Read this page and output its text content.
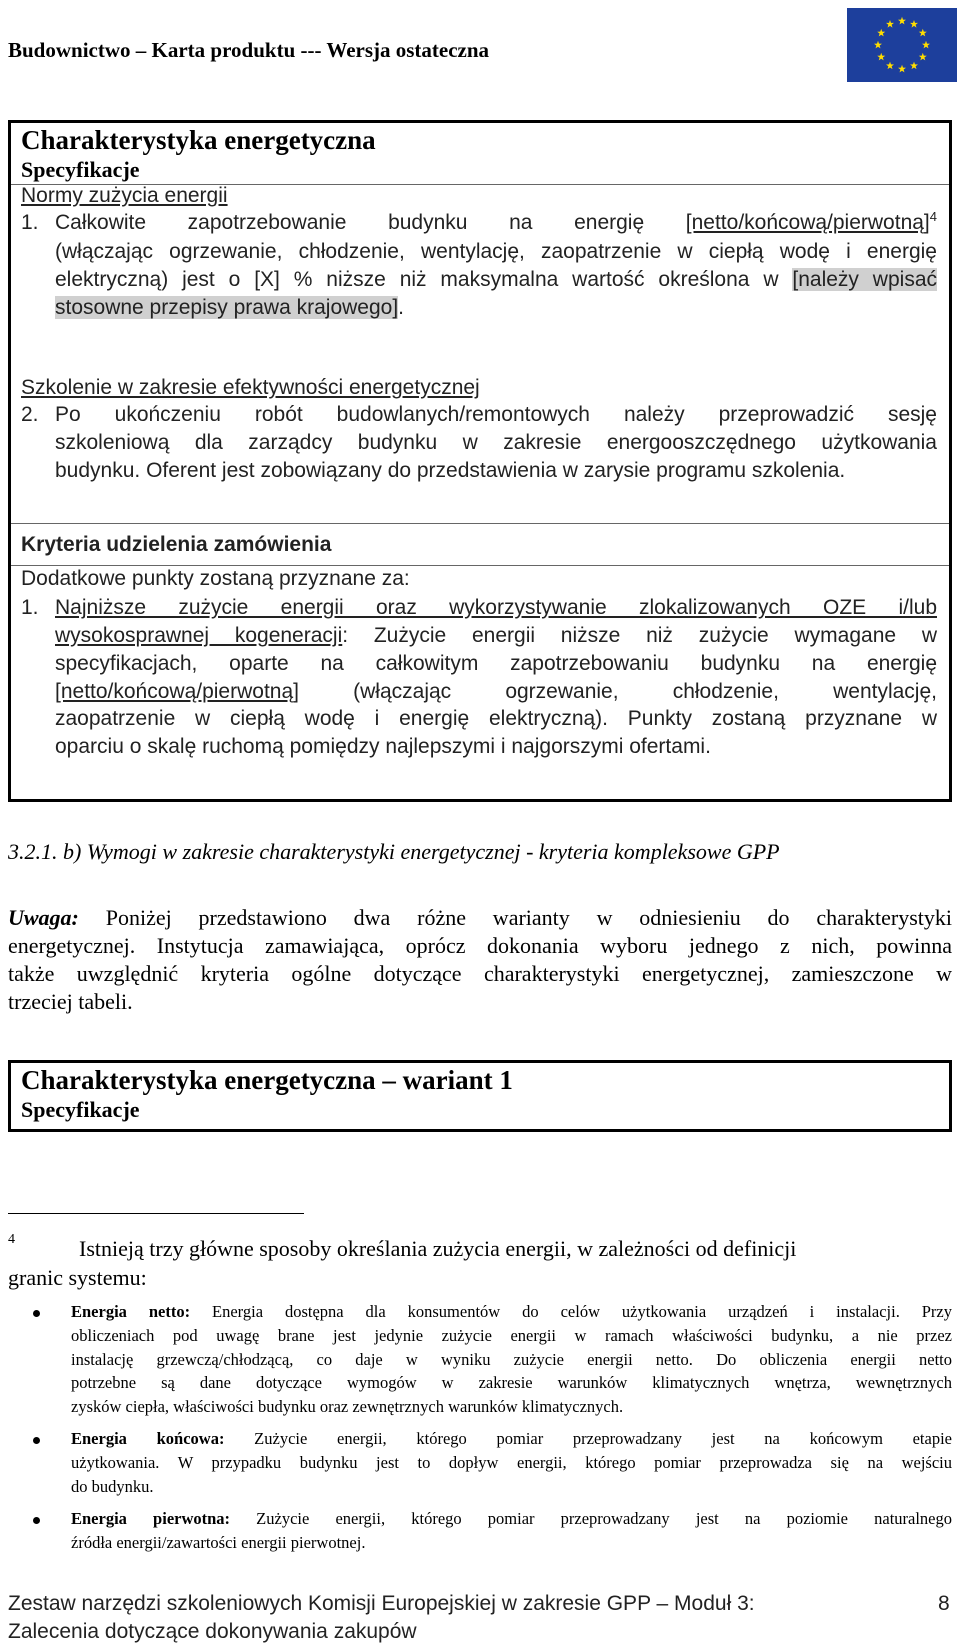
Budownictwo – Karta produktu --- Wersja ostateczna
Charakterystyka energetyczna
Specyfikacje
Normy zużycia energii
1. Całkowite zapotrzebowanie budynku na energię [netto/końcową/pierwotną]$^4$
(włączając ogrzewanie, chłodzenie, wentylację, zaopatrzenie w ciepłą wodę i energię
elektryczną) jest o [X] % niższe niż maksymalna wartość określona w [należy wpisać
stosowne przepisy prawa krajowego].
Szkolenie w zakresie efektywności energetycznej
2. Po ukończeniu robót budowlanych/remontowych należy przeprowadzić sesję
szkoleniową dla zarządcy budynku w zakresie energooszczędnego użytkowania
budynku. Oferent jest zobowiązany do przedstawienia w zarysie programu szkolenia.
Kryteria udzielenia zamówienia
Dodatkowe punkty zostaną przyznane za:
1. Najniższe zużycie energii oraz wykorzystywanie zlokalizowanych OZE i/lub
wysokosprawnej kogeneracji: Zużycie energii niższe niż zużycie wymagane w
specyfikacjach, oparte na całkowitym zapotrzebowaniu budynku na energię
[netto/końcową/pierwotną] (włączając ogrzewanie, chłodzenie, wentylację,
zaopatrzenie w ciepłą wodę i energię elektryczną). Punkty zostaną przyznane w
oparciu o skalę ruchomą pomiędzy najlepszymi i najgorszymi ofertami.
3.2.1. b) Wymogi w zakresie charakterystyki energetycznej - kryteria kompleksowe GPP
Uwaga: Poniżej przedstawiono dwa różne warianty w odniesieniu do charakterystyki
energetycznej. Instytucja zamawiająca, oprócz dokonania wyboru jednego z nich, powinna
także uwzględnić kryteria ogólne dotyczące charakterystyki energetycznej, zamieszczone w
trzeciej tabeli.
Charakterystyka energetyczna – wariant 1
Specyfikacje
4	Istnieją trzy główne sposoby określania zużycia energii, w zależności od definicji
granic systemu:
Energia netto: Energia dostępna dla konsumentów do celów użytkowania urządzeń i instalacji. Przy
obliczeniach pod uwagę brane jest jedynie zużycie energii w ramach właściwości budynku, a nie przez
instalację grzewczą/chłodzącą, co daje w wyniku zużycie energii netto. Do obliczenia energii netto
potrzebne są dane dotyczące wymogów w zakresie warunków klimatycznych wnętrza, wewnętrznych
zysków ciepła, właściwości budynku oraz zewnętrznych warunków klimatycznych.
Energia końcowa: Zużycie energii, którego pomiar przeprowadzany jest na końcowym etapie
użytkowania. W przypadku budynku jest to dopływ energii, którego pomiar przeprowadza się na wejściu
do budynku.
Energia pierwotna: Zużycie energii, którego pomiar przeprowadzany jest na poziomie naturalnego
źródła energii/zawartości energii pierwotnej.
Zestaw narzędzi szkoleniowych Komisji Europejskiej w zakresie GPP – Moduł 3:
Zalecenia dotyczące dokonywania zakupów
8
